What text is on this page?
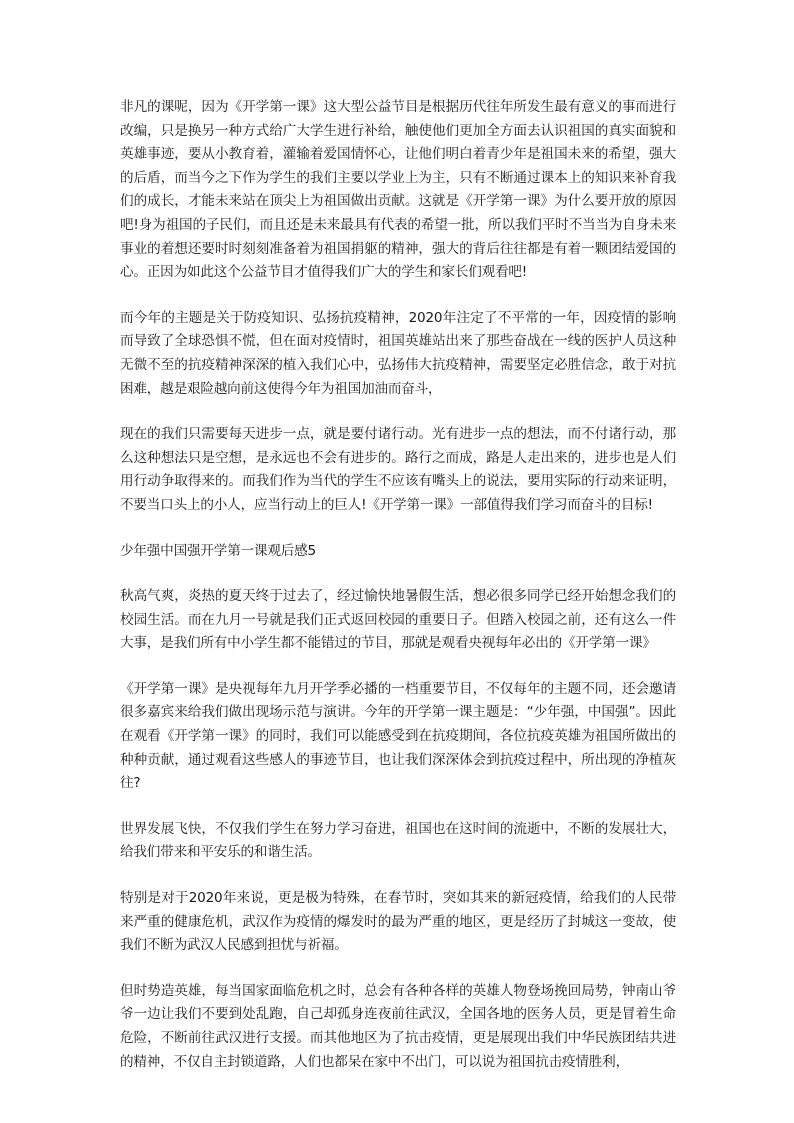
非凡的课呢，因为《开学第一课》这大型公益节目是根据历代往年所发生最有意义的事而进行改编，只是换另一种方式给广大学生进行补给，触使他们更加全方面去认识祖国的真实面貌和英雄事迹，要从小教育着，灌输着爱国情怀心，让他们明白着青少年是祖国未来的希望，强大的后盾，而当今之下作为学生的我们主要以学业上为主，只有不断通过课本上的知识来补育我们的成长，才能未来站在顶尖上为祖国做出贡献。这就是《开学第一课》为什么要开放的原因吧!身为祖国的子民们，而且还是未来最具有代表的希望一批，所以我们平时不当当为自身未来事业的着想还要时时刻刻准备着为祖国捐躯的精神，强大的背后往往都是有着一颗团结爱国的心。正因为如此这个公益节目才值得我们广大的学生和家长们观看吧!

而今年的主题是关于防疫知识、弘扬抗疫精神，2020年注定了不平常的一年，因疫情的影响而导致了全球恐惧不慌，但在面对疫情时，祖国英雄站出来了那些奋战在一线的医护人员这种无微不至的抗疫精神深深的植入我们心中，弘扬伟大抗疫精神，需要坚定必胜信念，敢于对抗困难，越是艰险越向前这使得今年为祖国加油而奋斗，

现在的我们只需要每天进步一点，就是要付诸行动。光有进步一点的想法，而不付诸行动，那么这种想法只是空想，是永远也不会有进步的。路行之而成，路是人走出来的，进步也是人们用行动争取得来的。而我们作为当代的学生不应该有嘴头上的说法，要用实际的行动来证明，不要当口头上的小人，应当行动上的巨人!《开学第一课》一部值得我们学习而奋斗的目标!

少年强中国强开学第一课观后感5

秋高气爽，炎热的夏天终于过去了，经过愉快地暑假生活，想必很多同学已经开始想念我们的校园生活。而在九月一号就是我们正式返回校园的重要日子。但踏入校园之前，还有这么一件大事，是我们所有中小学生都不能错过的节目，那就是观看央视每年必出的《开学第一课》

《开学第一课》是央视每年九月开学季必播的一档重要节目，不仅每年的主题不同，还会邀请很多嘉宾来给我们做出现场示范与演讲。今年的开学第一课主题是：“少年强，中国强”。因此在观看《开学第一课》的同时，我们可以能感受到在抗疫期间，各位抗疫英雄为祖国所做出的种种贡献，通过观看这些感人的事迹节目，也让我们深深体会到抗疫过程中，所出现的净植灰往?

世界发展飞快，不仅我们学生在努力学习奋进，祖国也在这时间的流逝中，不断的发展壮大，给我们带来和平安乐的和谐生活。

特别是对于2020年来说，更是极为特殊，在春节时，突如其来的新冠疫情，给我们的人民带来严重的健康危机，武汉作为疫情的爆发时的最为严重的地区，更是经历了封城这一变故，使我们不断为武汉人民感到担忧与祈福。

但时势造英雄，每当国家面临危机之时，总会有各种各样的英雄人物登场挽回局势，钟南山爷爷一边让我们不要到处乱跑，自己却孤身连夜前往武汉，全国各地的医务人员，更是冒着生命危险，不断前往武汉进行支援。而其他地区为了抗击疫情，更是展现出我们中华民族团结共进的精神，不仅自主封锁道路，人们也都呆在家中不出门，可以说为祖国抗击疫情胜利，
